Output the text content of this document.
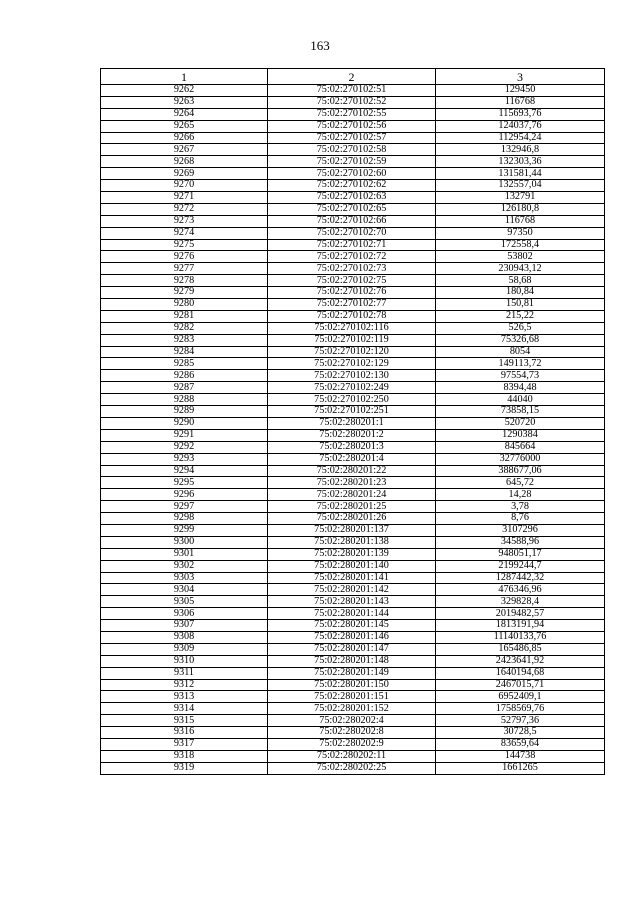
163
1	2	3
9262	75:02:270102:51	129450
9263	75:02:270102:52	116768
9264	75:02:270102:55	115693,76
9265	75:02:270102:56	124037,76
9266	75:02:270102:57	112954,24
9267	75:02:270102:58	132946,8
9268	75:02:270102:59	132303,36
9269	75:02:270102:60	131581,44
9270	75:02:270102:62	132557,04
9271	75:02:270102:63	132791
9272	75:02:270102:65	126180,8
9273	75:02:270102:66	116768
9274	75:02:270102:70	97350
9275	75:02:270102:71	172558,4
9276	75:02:270102:72	53802
9277	75:02:270102:73	230943,12
9278	75:02:270102:75	58,68
9279	75:02:270102:76	180,84
9280	75:02:270102:77	150,81
9281	75:02:270102:78	215,22
9282	75:02:270102:116	526,5
9283	75:02:270102:119	75326,68
9284	75:02:270102:120	8054
9285	75:02:270102:129	149113,72
9286	75:02:270102:130	97554,73
9287	75:02:270102:249	8394,48
9288	75:02:270102:250	44040
9289	75:02:270102:251	73858,15
9290	75:02:280201:1	520720
9291	75:02:280201:2	1290384
9292	75:02:280201:3	845664
9293	75:02:280201:4	32776000
9294	75:02:280201:22	388677,06
9295	75:02:280201:23	645,72
9296	75:02:280201:24	14,28
9297	75:02:280201:25	3,78
9298	75:02:280201:26	8,76
9299	75:02:280201:137	3107296
9300	75:02:280201:138	34588,96
9301	75:02:280201:139	948051,17
9302	75:02:280201:140	2199244,7
9303	75:02:280201:141	1287442,32
9304	75:02:280201:142	476346,96
9305	75:02:280201:143	329828,4
9306	75:02:280201:144	2019482,57
9307	75:02:280201:145	1813191,94
9308	75:02:280201:146	11140133,76
9309	75:02:280201:147	165486,85
9310	75:02:280201:148	2423641,92
9311	75:02:280201:149	1640194,68
9312	75:02:280201:150	2467015,71
9313	75:02:280201:151	6952409,1
9314	75:02:280201:152	1758569,76
9315	75:02:280202:4	52797,36
9316	75:02:280202:8	30728,5
9317	75:02:280202:9	83659,64
9318	75:02:280202:11	144738
9319	75:02:280202:25	1661265
